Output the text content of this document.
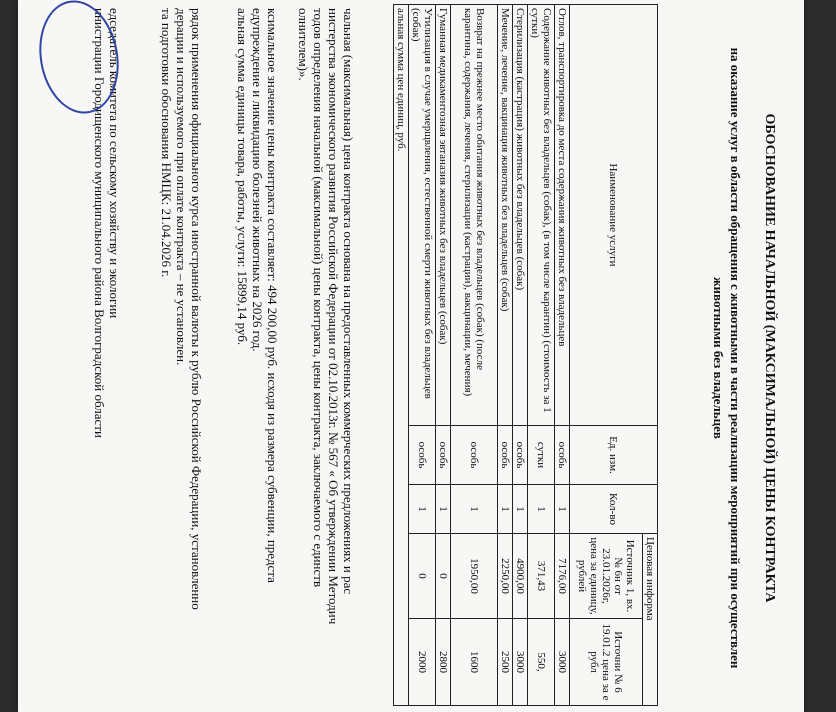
ОБОСНОВАНИЕ НАЧАЛЬНОЙ (МАКСИМАЛЬНОЙ) ЦЕНЫ КОНТРАКТА
на оказание услуг в области обращения с животными в части реализации мероприятий при осуществлен
животными без владельцев
Наименование услуги	Ед. изм.	Кол-во	Ценовая информа	
			Источник 1, вх. № 6н от 23.01.2026г, цена за единицу, рублей	Источни № 6 19.01.2 цена за е рубл
Отлов, транспортировка до места содержания животных без владельцев	особь	1	7176,00	3000
Содержание животных без владельцев (собак), (в том числе карантин) (стоимость за 1 сутки)	сутки	1	371,43	550,
Стерилизация (кастрация) животных без владельцев (собак)	особь	1	4900,00	3000
Мечение, лечение, вакцинация животных без владельцев (собак)	особь	1	2250,00	2500
Возврат на прежнее место обитания животных без владельцев (собак) (после карантина, содержания, лечения, стерилизации (кастрации), вакцинации, мечения)	особь	1	1950,00	1600
Гуманная медикаментозная эвтаназия животных без владельцев (собак)	особь	1	0	2800
Утилизация в случае умерщвления, естественной смерти животных без владельцев (собак)	особь	1	0	2000
альная сумма цен единиц, руб.				
чальная (максимальная) цена контракта основана на предоставленных коммерческих предложениях и рас
нистерства экономического развития Российской Федерации от 02.10.2013г. № 567 « Об утверждении Методич
тодов определения начальной (максимальной) цены контракта, цены контракта, заключаемого с единств
олнителем)».
ксимальное значение цены контракта составляет: 494 200,00 руб. исходя из размера субвенции, предста
едупреждение и ликвидацию болезней животных на 2026 год.
альная сумма единицы товара, работы, услуги: 15899,14 руб.
рядок применения официального курса иностранной валюты к рублю Российской Федерации, установленно
дерации и используемого при оплате контракта – не установлен.
та подготовки обоснования НМЦК: 21.04.2026 г.
едседатель комитета по сельскому хозяйству и экологии
инистрации Городищенского муниципального района Волгоградской области
